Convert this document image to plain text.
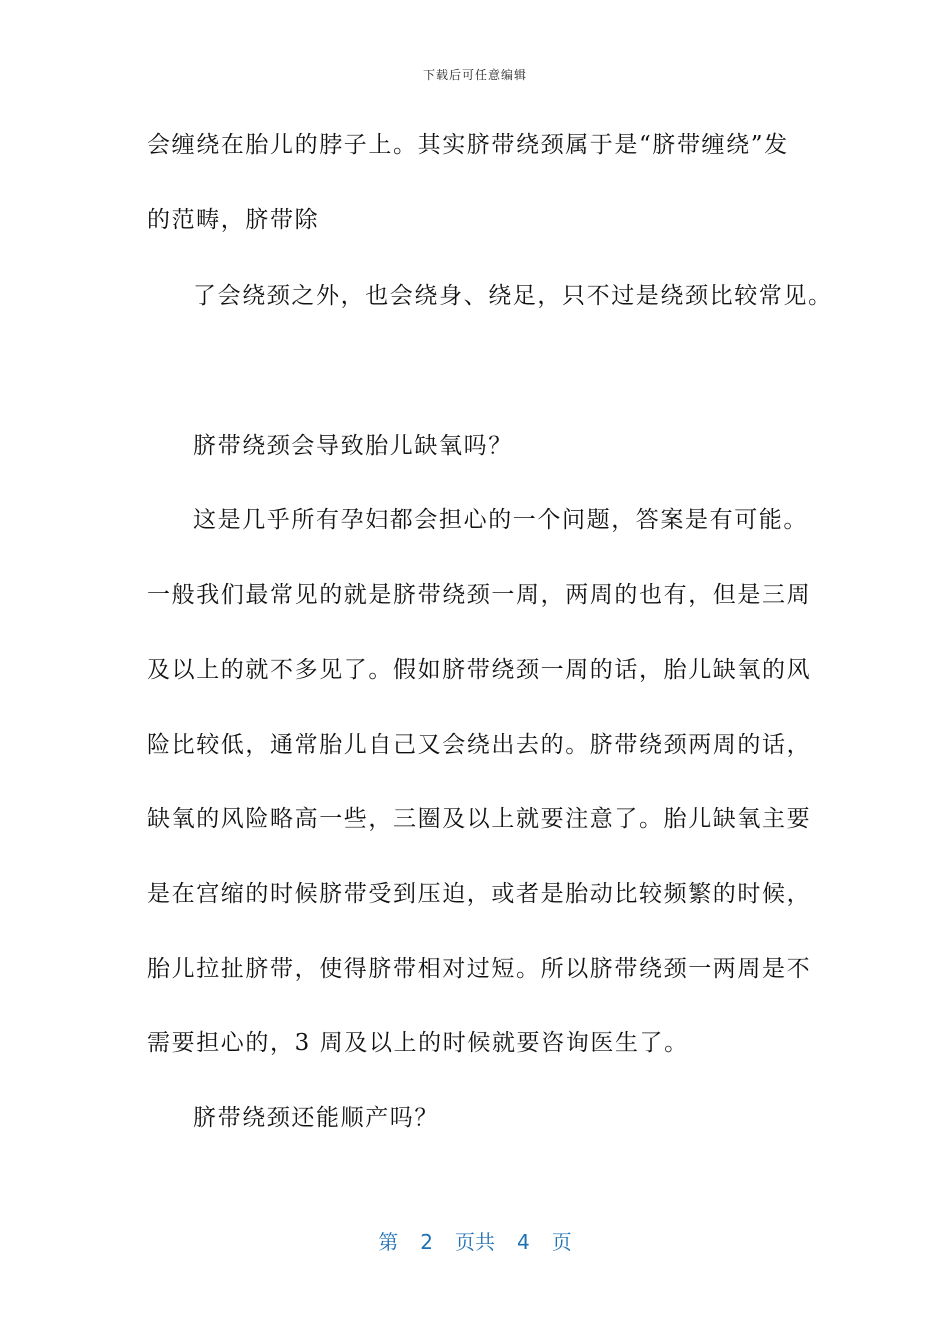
下载后可任意编辑
会缠绕在胎儿的脖子上。其实脐带绕颈属于是“脐带缠绕”发
的范畴，脐带除
了会绕颈之外，也会绕身、绕足，只不过是绕颈比较常见。
脐带绕颈会导致胎儿缺氧吗？
这是几乎所有孕妇都会担心的一个问题，答案是有可能。
一般我们最常见的就是脐带绕颈一周，两周的也有，但是三周
及以上的就不多见了。假如脐带绕颈一周的话，胎儿缺氧的风
险比较低，通常胎儿自己又会绕出去的。脐带绕颈两周的话，
缺氧的风险略高一些，三圈及以上就要注意了。胎儿缺氧主要
是在宫缩的时候脐带受到压迫，或者是胎动比较频繁的时候，
胎儿拉扯脐带，使得脐带相对过短。所以脐带绕颈一两周是不
需要担心的，3 周及以上的时候就要咨询医生了。
脐带绕颈还能顺产吗？
第 2 页共 4 页
